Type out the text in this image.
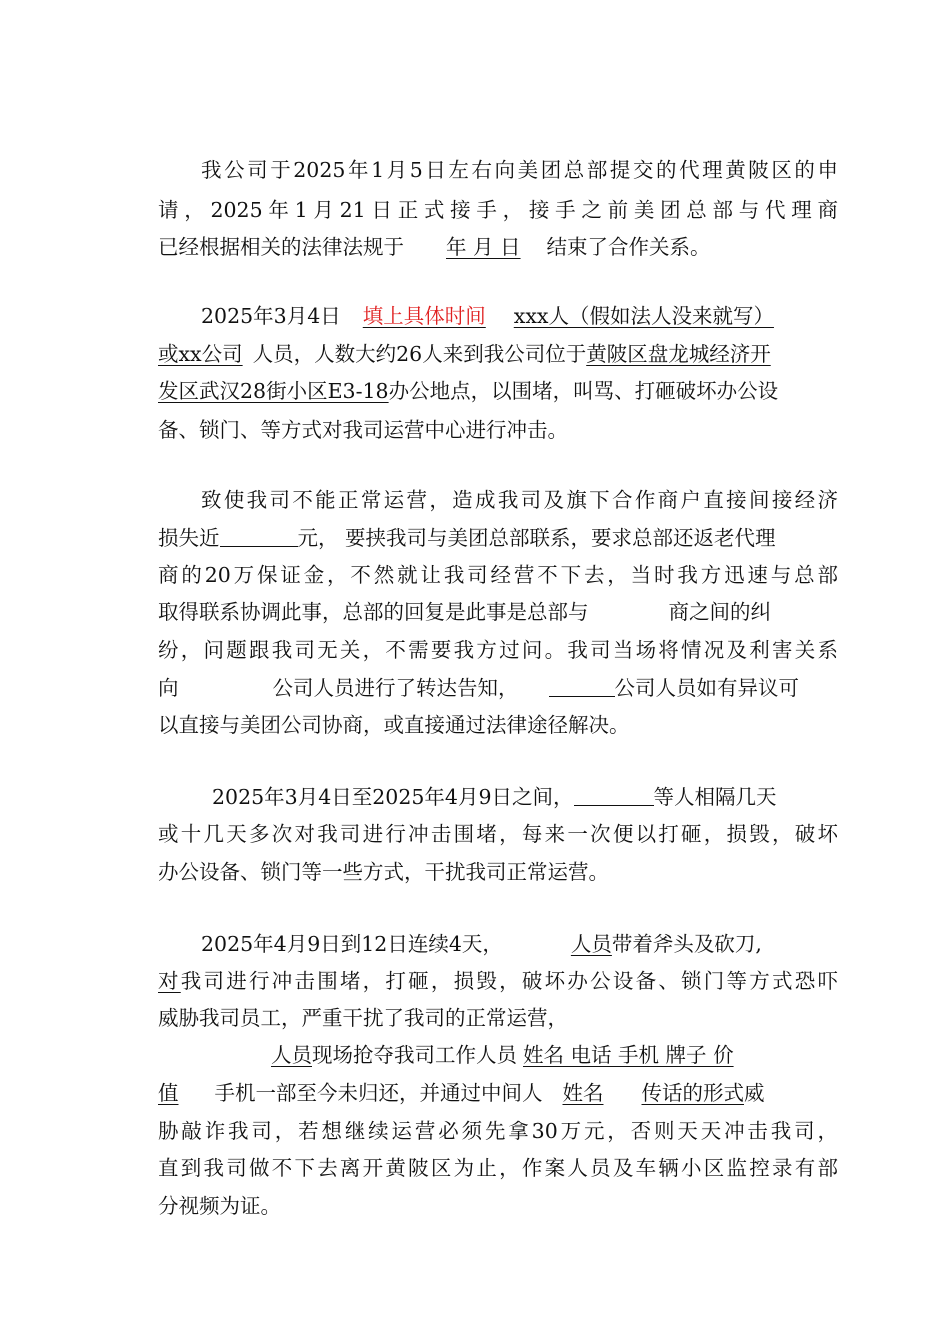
我公司于2025年1月5日左右向美团总部提交的代理黄陂区的申
请，2025年1月21日正式接手，接手之前美团总部与代理商
已经根据相关的法律法规于 年 月 日 结束了合作关系。
2025年3月4日 填上具体时间 xxx人（假如法人没来就写）
或xx公司 人员，人数大约26人来到我公司位于黄陂区盘龙城经济开
发区武汉28街小区E3-18办公地点，以围堵，叫骂、打砸破坏办公设
备、锁门、等方式对我司运营中心进行冲击。
致使我司不能正常运营，造成我司及旗下合作商户直接间接经济
损失近	元， 要挟我司与美团总部联系，要求总部还返老代理
商的20万保证金，不然就让我司经营不下去，当时我方迅速与总部
取得联系协调此事，总部的回复是此事是总部与	商之间的纠
纷，问题跟我司无关，不需要我方过问。我司当场将情况及利害关系
向	公司人员进行了转达告知，	公司人员如有异议可
以直接与美团公司协商，或直接通过法律途径解决。
2025年3月4日至2025年4月9日之间，	等人相隔几天
或十几天多次对我司进行冲击围堵，每来一次便以打砸，损毁，破坏
办公设备、锁门等一些方式，干扰我司正常运营。
2025年4月9日到12日连续4天，	人员带着斧头及砍刀,
对我司进行冲击围堵，打砸，损毁，破坏办公设备、锁门等方式恐吓
威胁我司员工，严重干扰了我司的正常运营，
人员现场抢夺我司工作人员 姓名 电话 手机 牌子 价
值 手机一部至今未归还，并通过中间人 姓名 传话的形式威
胁敲诈我司，若想继续运营必须先拿30万元，否则天天冲击我司，
直到我司做不下去离开黄陂区为止，作案人员及车辆小区监控录有部
分视频为证。
